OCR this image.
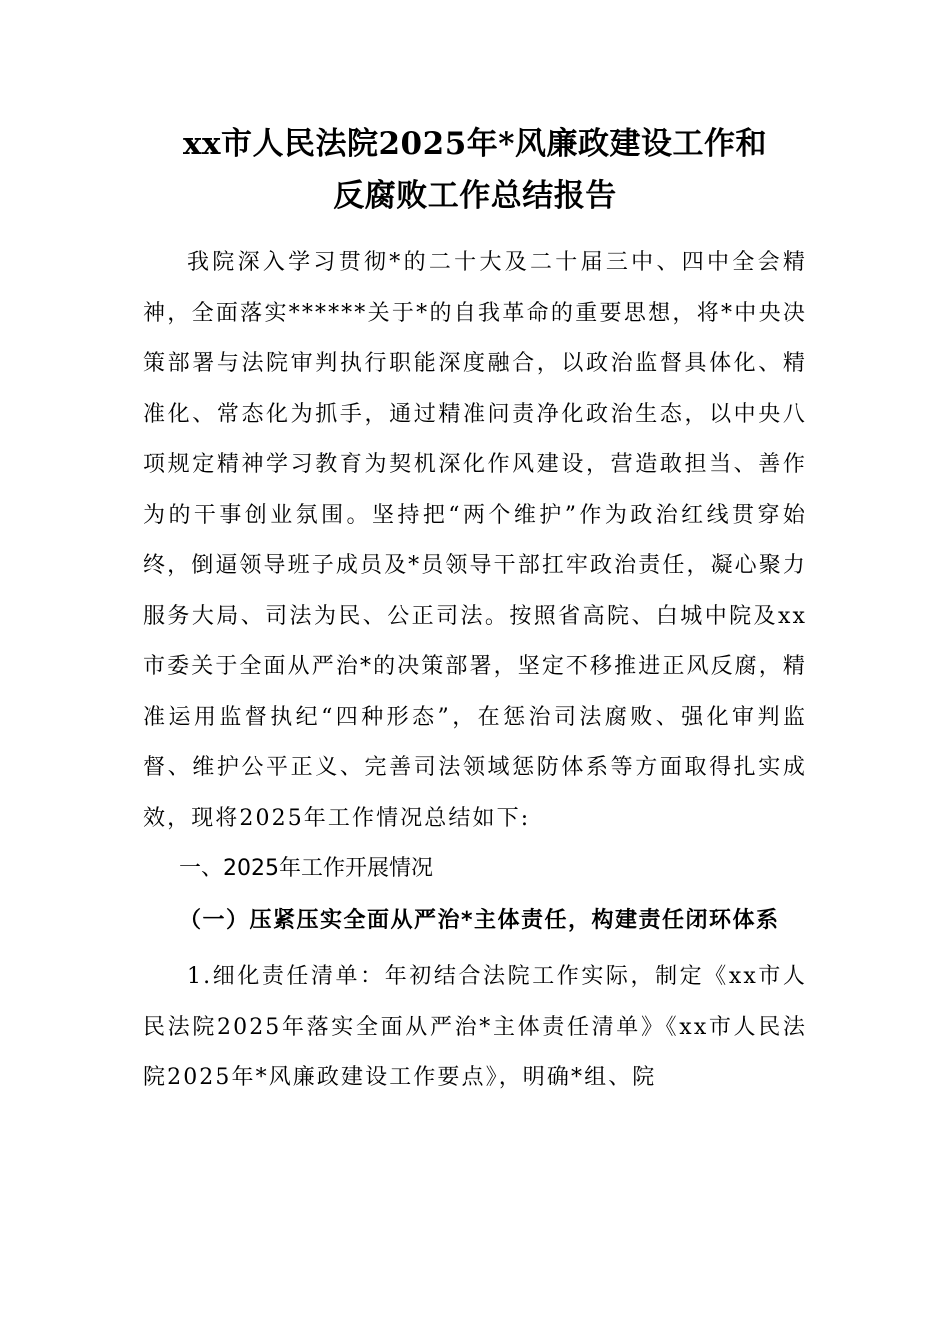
xx市人民法院2025年*风廉政建设工作和
反腐败工作总结报告

我院深入学习贯彻*的二十大及二十届三中、四中全会精神，全面落实******关于*的自我革命的重要思想，将*中央决策部署与法院审判执行职能深度融合，以政治监督具体化、精准化、常态化为抓手，通过精准问责净化政治生态，以中央八项规定精神学习教育为契机深化作风建设，营造敢担当、善作为的干事创业氛围。坚持把“两个维护”作为政治红线贯穿始终，倒逼领导班子成员及*员领导干部扛牢政治责任，凝心聚力服务大局、司法为民、公正司法。按照省高院、白城中院及xx市委关于全面从严治*的决策部署，坚定不移推进正风反腐，精准运用监督执纪“四种形态”，在惩治司法腐败、强化审判监督、维护公平正义、完善司法领域惩防体系等方面取得扎实成效，现将2025年工作情况总结如下:

一、2025年工作开展情况

（一）压紧压实全面从严治*主体责任，构建责任闭环体系

1.细化责任清单：年初结合法院工作实际，制定《xx市人民法院2025年落实全面从严治*主体责任清单》《xx市人民法院2025年*风廉政建设工作要点》，明确*组、院
